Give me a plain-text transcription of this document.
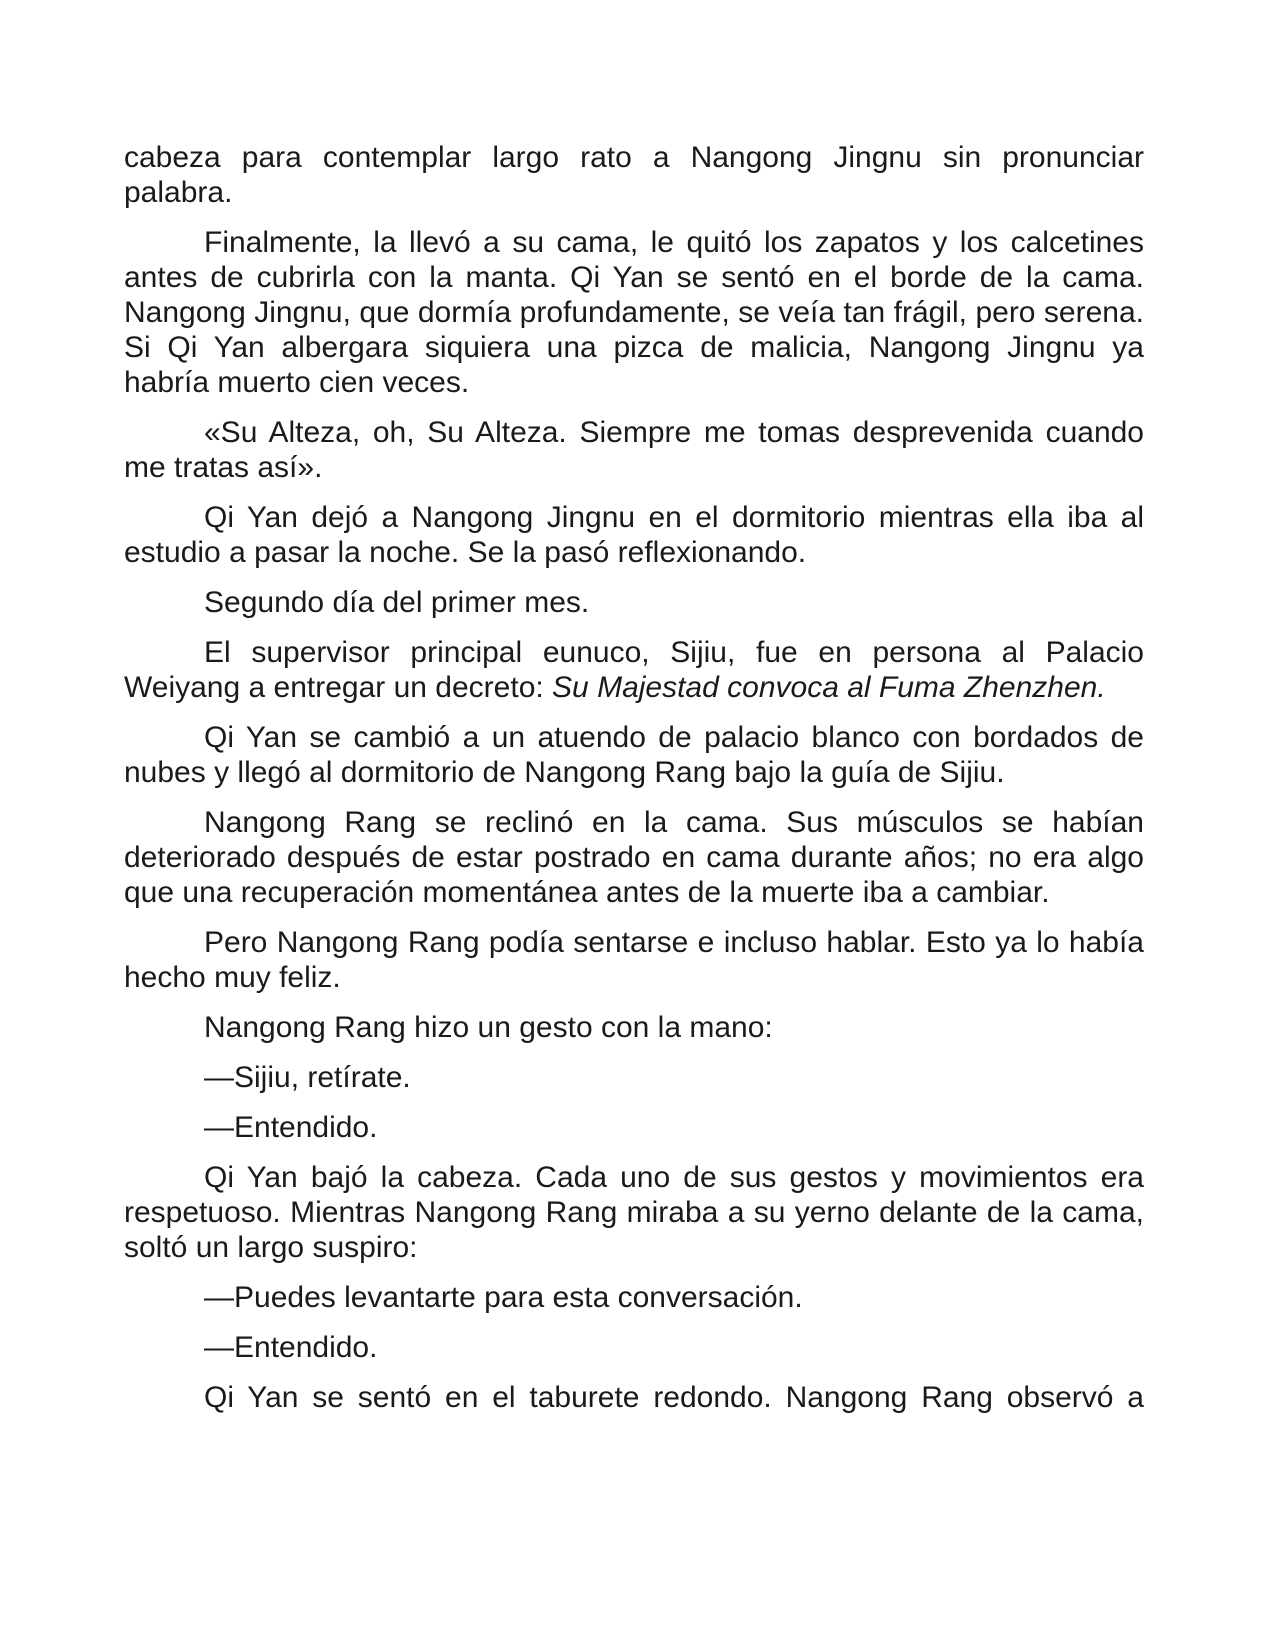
cabeza para contemplar largo rato a Nangong Jingnu sin pronunciar palabra.

Finalmente, la llevó a su cama, le quitó los zapatos y los calcetines antes de cubrirla con la manta. Qi Yan se sentó en el borde de la cama. Nangong Jingnu, que dormía profundamente, se veía tan frágil, pero serena. Si Qi Yan albergara siquiera una pizca de malicia, Nangong Jingnu ya habría muerto cien veces.

«Su Alteza, oh, Su Alteza. Siempre me tomas desprevenida cuando me tratas así».

Qi Yan dejó a Nangong Jingnu en el dormitorio mientras ella iba al estudio a pasar la noche. Se la pasó reflexionando.

Segundo día del primer mes.

El supervisor principal eunuco, Sijiu, fue en persona al Palacio Weiyang a entregar un decreto: Su Majestad convoca al Fuma Zhenzhen.

Qi Yan se cambió a un atuendo de palacio blanco con bordados de nubes y llegó al dormitorio de Nangong Rang bajo la guía de Sijiu.

Nangong Rang se reclinó en la cama. Sus músculos se habían deteriorado después de estar postrado en cama durante años; no era algo que una recuperación momentánea antes de la muerte iba a cambiar.

Pero Nangong Rang podía sentarse e incluso hablar. Esto ya lo había hecho muy feliz.

Nangong Rang hizo un gesto con la mano:

—Sijiu, retírate.

—Entendido.

Qi Yan bajó la cabeza. Cada uno de sus gestos y movimientos era respetuoso. Mientras Nangong Rang miraba a su yerno delante de la cama, soltó un largo suspiro:

—Puedes levantarte para esta conversación.

—Entendido.

Qi Yan se sentó en el taburete redondo. Nangong Rang observó a
